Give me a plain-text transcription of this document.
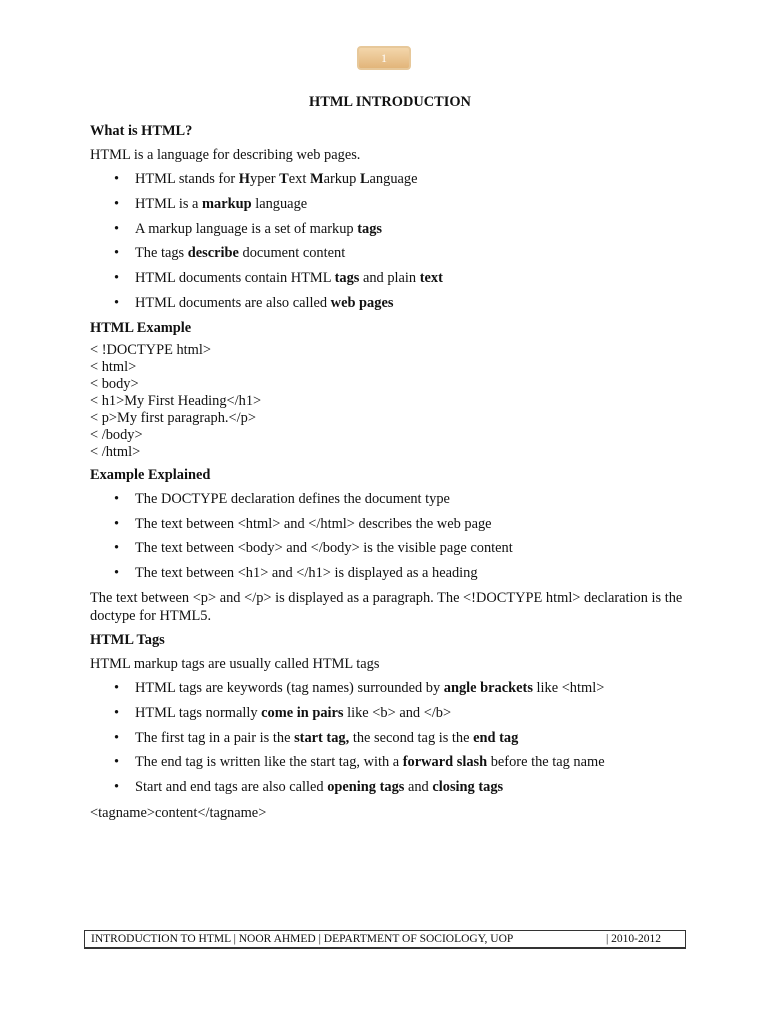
1
HTML INTRODUCTION
What is HTML?
HTML is a language for describing web pages.
• HTML stands for Hyper Text Markup Language
• HTML is a markup language
• A markup language is a set of markup tags
• The tags describe document content
• HTML documents contain HTML tags and plain text
• HTML documents are also called web pages
HTML Example
< !DOCTYPE html>
< html>
< body>
< h1>My First Heading</h1>
< p>My first paragraph.</p>
< /body>
< /html>
Example Explained
• The DOCTYPE declaration defines the document type
• The text between <html> and </html> describes the web page
• The text between <body> and </body> is the visible page content
• The text between <h1> and </h1> is displayed as a heading
The text between <p> and </p> is displayed as a paragraph. The <!DOCTYPE html> declaration is the doctype for HTML5.
HTML Tags
HTML markup tags are usually called HTML tags
• HTML tags are keywords (tag names) surrounded by angle brackets like <html>
• HTML tags normally come in pairs like <b> and </b>
• The first tag in a pair is the start tag, the second tag is the end tag
• The end tag is written like the start tag, with a forward slash before the tag name
• Start and end tags are also called opening tags and closing tags
<tagname>content</tagname>
INTRODUCTION TO HTML | NOOR AHMED | DEPARTMENT OF SOCIOLOGY, UOP	| 2010-2012
